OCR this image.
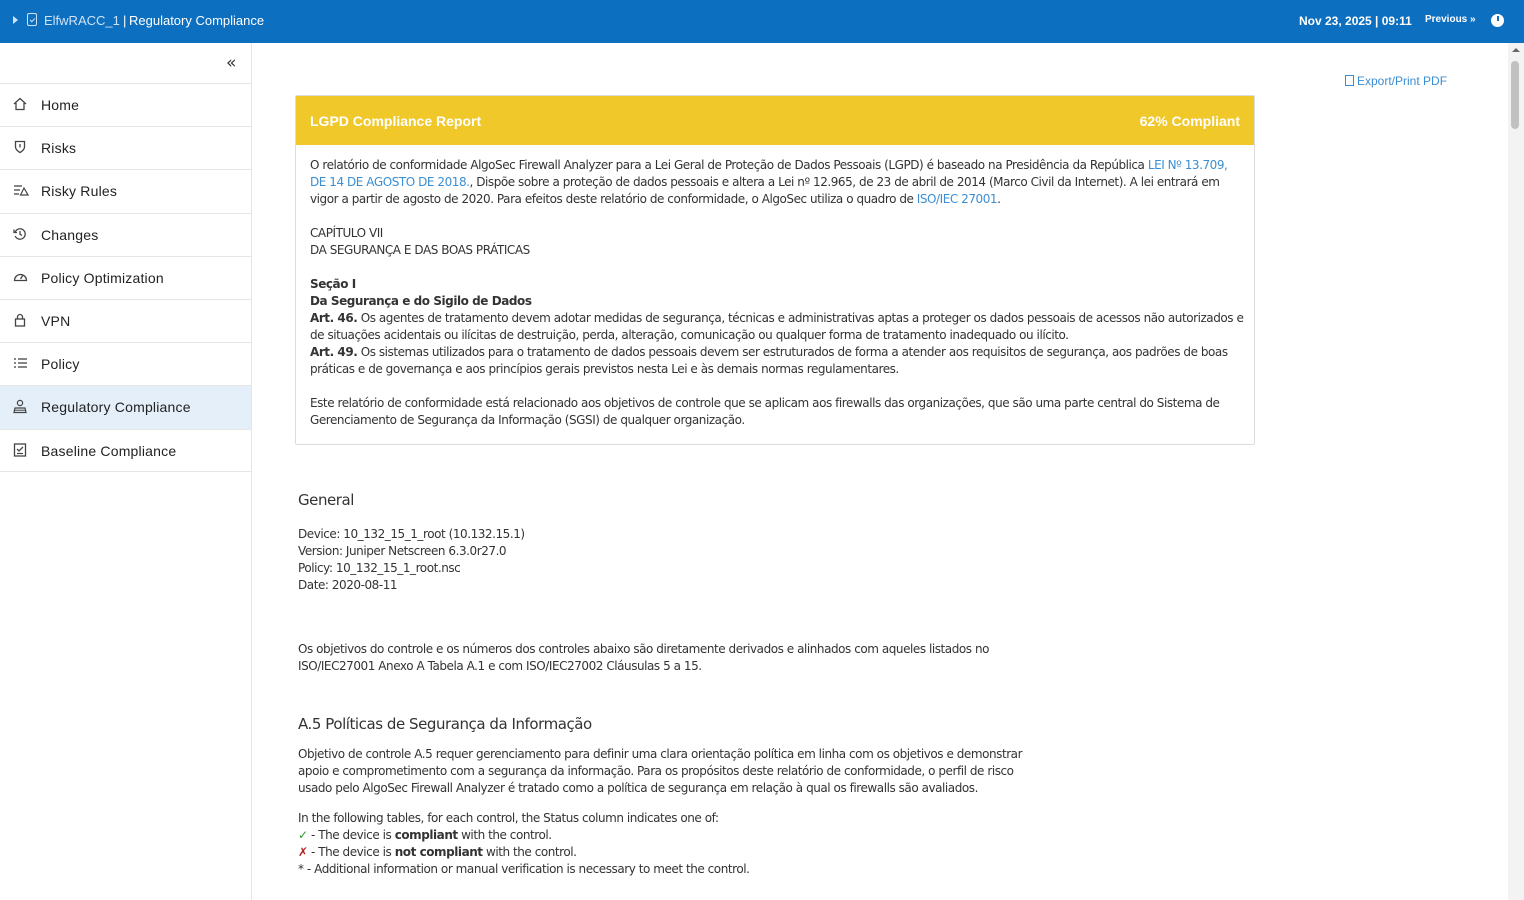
ElfwRACC_1 | Regulatory Compliance	Nov 23, 2025 | 09:11 Previous »
«
Home
Risks
Risky Rules
Changes
Policy Optimization
VPN
Policy
Regulatory Compliance
Baseline Compliance
Export/Print PDF
LGPD Compliance Report	62% Compliant

O relatório de conformidade AlgoSec Firewall Analyzer para a Lei Geral de Proteção de Dados Pessoais (LGPD) é baseado na Presidência da República LEI Nº 13.709, DE 14 DE AGOSTO DE 2018., Dispõe sobre a proteção de dados pessoais e altera a Lei nº 12.965, de 23 de abril de 2014 (Marco Civil da Internet). A lei entrará em vigor a partir de agosto de 2020. Para efeitos deste relatório de conformidade, o AlgoSec utiliza o quadro de ISO/IEC 27001.

CAPÍTULO VII

DA SEGURANÇA E DAS BOAS PRÁTICAS

Seção I

Da Segurança e do Sigilo de Dados

Art. 46. Os agentes de tratamento devem adotar medidas de segurança, técnicas e administrativas aptas a proteger os dados pessoais de acessos não autorizados e de situações acidentais ou ilícitas de destruição, perda, alteração, comunicação ou qualquer forma de tratamento inadequado ou ilícito.

Art. 49. Os sistemas utilizados para o tratamento de dados pessoais devem ser estruturados de forma a atender aos requisitos de segurança, aos padrões de boas práticas e de governança e aos princípios gerais previstos nesta Lei e às demais normas regulamentares.

Este relatório de conformidade está relacionado aos objetivos de controle que se aplicam aos firewalls das organizações, que são uma parte central do Sistema de Gerenciamento de Segurança da Informação (SGSI) de qualquer organização.

General
Device: 10_132_15_1_root (10.132.15.1)
Version: Juniper Netscreen 6.3.0r27.0
Policy: 10_132_15_1_root.nsc
Date: 2020-08-11
Os objetivos do controle e os números dos controles abaixo são diretamente derivados e alinhados com aqueles listados no
ISO/IEC27001 Anexo A Tabela A.1 e com ISO/IEC27002 Cláusulas 5 a 15.
A.5 Políticas de Segurança da Informação
Objetivo de controle A.5 requer gerenciamento para definir uma clara orientação política em linha com os objetivos e demonstrar
apoio e comprometimento com a segurança da informação. Para os propósitos deste relatório de conformidade, o perfil de risco
usado pelo AlgoSec Firewall Analyzer é tratado como a política de segurança em relação à qual os firewalls são avaliados.
In the following tables, for each control, the Status column indicates one of:
✓ - The device is compliant with the control.
✗ - The device is not compliant with the control.
* - Additional information or manual verification is necessary to meet the control.
